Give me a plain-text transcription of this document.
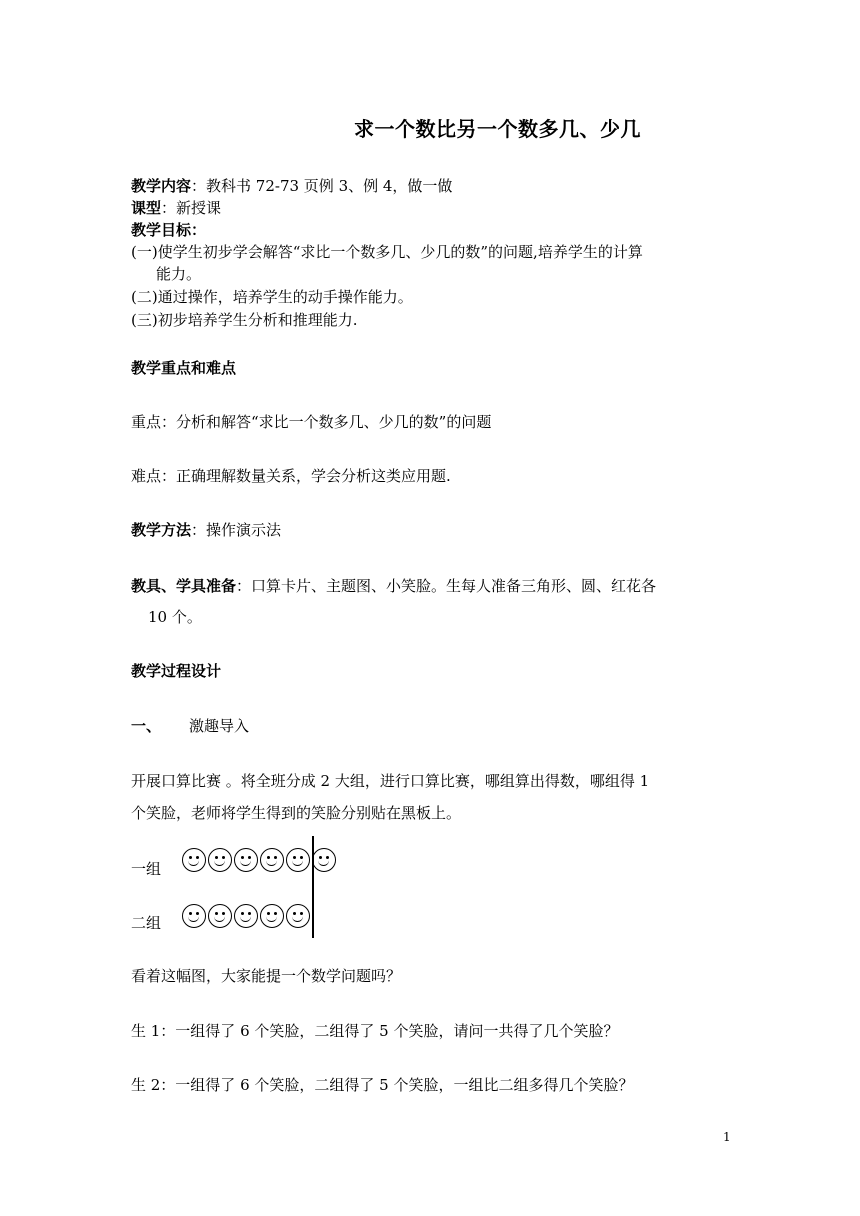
求一个数比另一个数多几、少几
教学内容：教科书 72-73 页例 3、例 4，做一做
课型：新授课
教学目标：
(一)使学生初步学会解答“求比一个数多几、少几的数”的问题,培养学生的计算
能力。
(二)通过操作，培养学生的动手操作能力。
(三)初步培养学生分析和推理能力.
教学重点和难点
重点：分析和解答“求比一个数多几、少几的数”的问题
难点：正确理解数量关系，学会分析这类应用题.
教学方法：操作演示法
教具、学具准备：口算卡片、主题图、小笑脸。生每人准备三角形、圆、红花各
10 个。
教学过程设计
一、 激趣导入
开展口算比赛 。将全班分成 2 大组，进行口算比赛，哪组算出得数，哪组得 1
个笑脸，老师将学生得到的笑脸分别贴在黑板上。
一组
二组
看着这幅图，大家能提一个数学问题吗？
生 1：一组得了 6 个笑脸，二组得了 5 个笑脸，请问一共得了几个笑脸？
生 2：一组得了 6 个笑脸，二组得了 5 个笑脸，一组比二组多得几个笑脸？
1
